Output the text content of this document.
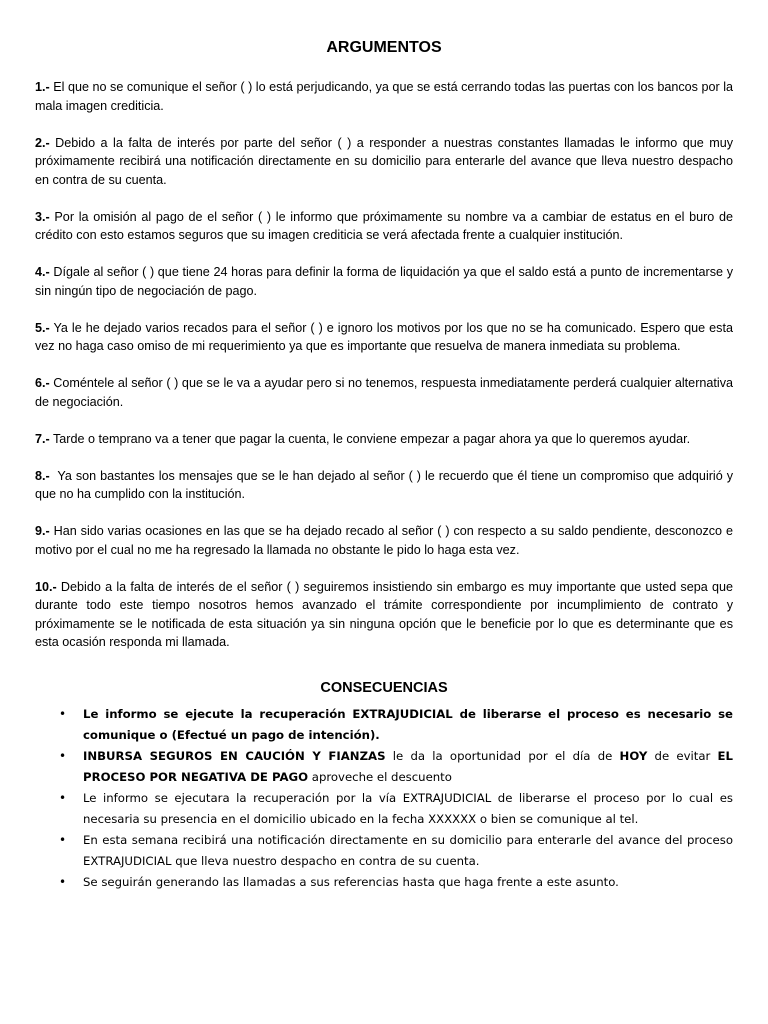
ARGUMENTOS

1.- El que no se comunique el señor ( ) lo está perjudicando, ya que se está cerrando todas las puertas con los bancos por la mala imagen crediticia.

2.- Debido a la falta de interés por parte del señor ( ) a responder a nuestras constantes llamadas le informo que muy próximamente recibirá una notificación directamente en su domicilio para enterarle del avance que lleva nuestro despacho en contra de su cuenta.

3.- Por la omisión al pago de el señor ( ) le informo que próximamente su nombre va a cambiar de estatus en el buro de crédito con esto estamos seguros que su imagen crediticia se verá afectada frente a cualquier institución.

4.- Dígale al señor ( ) que tiene 24 horas para definir la forma de liquidación ya que el saldo está a punto de incrementarse y sin ningún tipo de negociación de pago.

5.- Ya le he dejado varios recados para el señor ( ) e ignoro los motivos por los que no se ha comunicado. Espero que esta vez no haga caso omiso de mi requerimiento ya que es importante que resuelva de manera inmediata su problema.

6.- Coméntele al señor ( ) que se le va a ayudar pero si no tenemos, respuesta inmediatamente perderá cualquier alternativa de negociación.

7.- Tarde o temprano va a tener que pagar la cuenta, le conviene empezar a pagar ahora ya que lo queremos ayudar.

8.-  Ya son bastantes los mensajes que se le han dejado al señor ( ) le recuerdo que él tiene un compromiso que adquirió y que no ha cumplido con la institución.

9.- Han sido varias ocasiones en las que se ha dejado recado al señor ( ) con respecto a su saldo pendiente, desconozco e motivo por el cual no me ha regresado la llamada no obstante le pido lo haga esta vez.

10.- Debido a la falta de interés de el señor ( ) seguiremos insistiendo sin embargo es muy importante que usted sepa que durante todo este tiempo nosotros hemos avanzado el trámite correspondiente por incumplimiento de contrato y próximamente se le notificada de esta situación ya sin ninguna opción que le beneficie por lo que es determinante que es esta ocasión responda mi llamada.

CONSECUENCIAS
• Le informo se ejecute la recuperación EXTRAJUDICIAL de liberarse el proceso es necesario se comunique o (Efectué un pago de intención).
• INBURSA SEGUROS EN CAUCIÓN Y FIANZAS le da la oportunidad por el día de HOY de evitar EL PROCESO POR NEGATIVA DE PAGO aproveche el descuento
• Le informo se ejecutara la recuperación por la vía EXTRAJUDICIAL de liberarse el proceso por lo cual es necesaria su presencia en el domicilio ubicado en la fecha XXXXXX o bien se comunique al tel.
• En esta semana recibirá una notificación directamente en su domicilio para enterarle del avance del proceso EXTRAJUDICIAL que lleva nuestro despacho en contra de su cuenta.
• Se seguirán generando las llamadas a sus referencias hasta que haga frente a este asunto.
